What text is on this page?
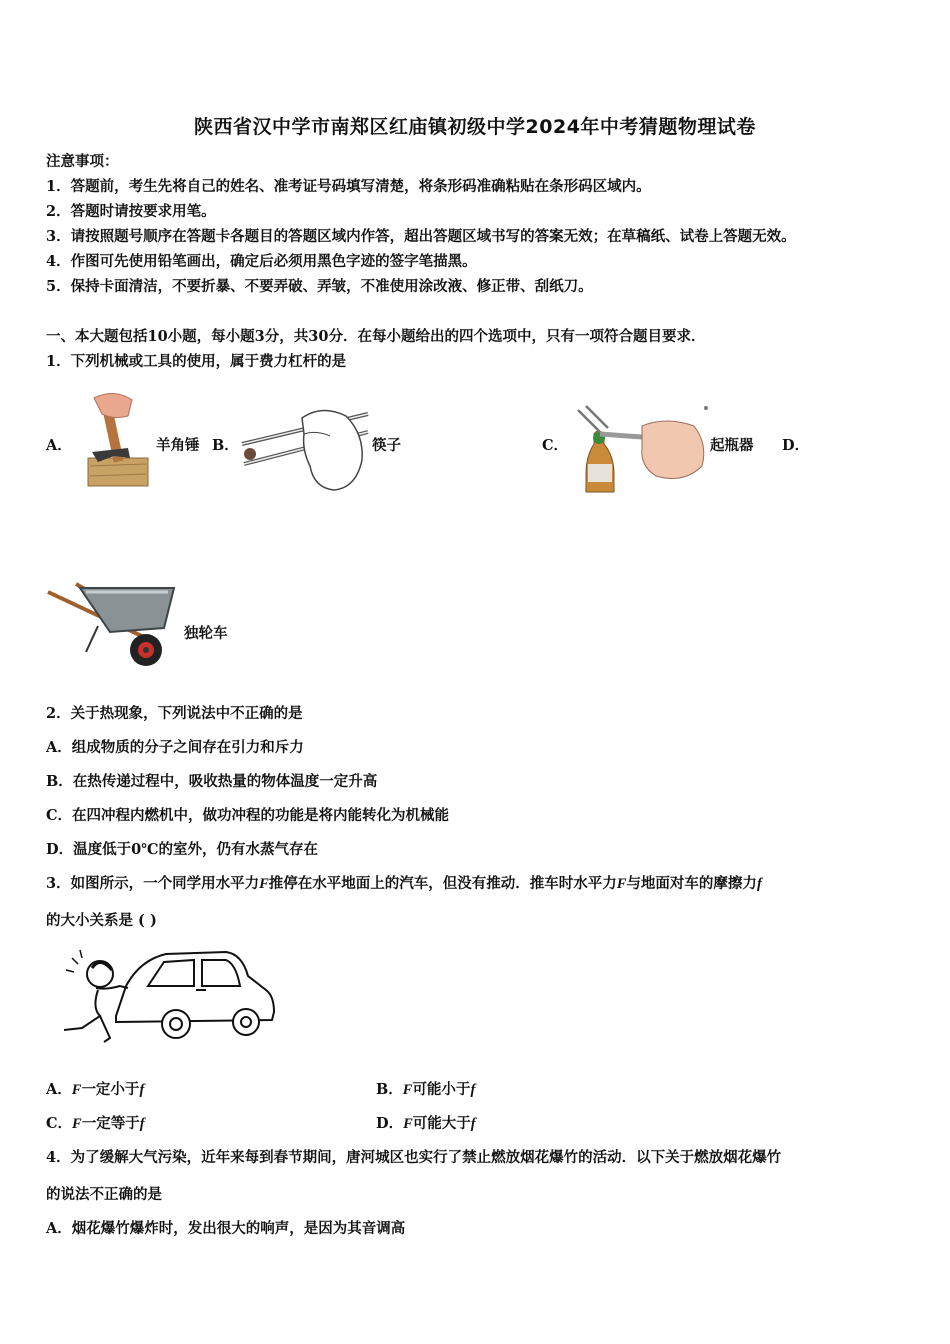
陕西省汉中学市南郑区红庙镇初级中学2024年中考猜题物理试卷
注意事项：
1．答题前，考生先将自己的姓名、准考证号码填写清楚，将条形码准确粘贴在条形码区域内。
2．答题时请按要求用笔。
3．请按照题号顺序在答题卡各题目的答题区域内作答，超出答题区域书写的答案无效；在草稿纸、试卷上答题无效。
4．作图可先使用铅笔画出，确定后必须用黑色字迹的签字笔描黑。
5．保持卡面清洁，不要折暴、不要弄破、弄皱，不准使用涂改液、修正带、刮纸刀。
一、本大题包括10小题，每小题3分，共30分．在每小题给出的四个选项中，只有一项符合题目要求．
1．下列机械或工具的使用，属于费力杠杆的是
A．	羊角锤 B．	筷子	C．	起瓶器 D．
独轮车
2．关于热现象，下列说法中不正确的是
A．组成物质的分子之间存在引力和斥力
B．在热传递过程中，吸收热量的物体温度一定升高
C．在四冲程内燃机中，做功冲程的功能是将内能转化为机械能
D．温度低于0℃的室外，仍有水蒸气存在
3．如图所示，一个同学用水平力F推停在水平地面上的汽车，但没有推动．推车时水平力F与地面对车的摩擦力f
的大小关系是 ( )
A．F一定小于f	B．F可能小于f
C．F一定等于f	D．F可能大于f
4．为了缓解大气污染，近年来每到春节期间，唐河城区也实行了禁止燃放烟花爆竹的活动．以下关于燃放烟花爆竹
的说法不正确的是
A．烟花爆竹爆炸时，发出很大的响声，是因为其音调高
